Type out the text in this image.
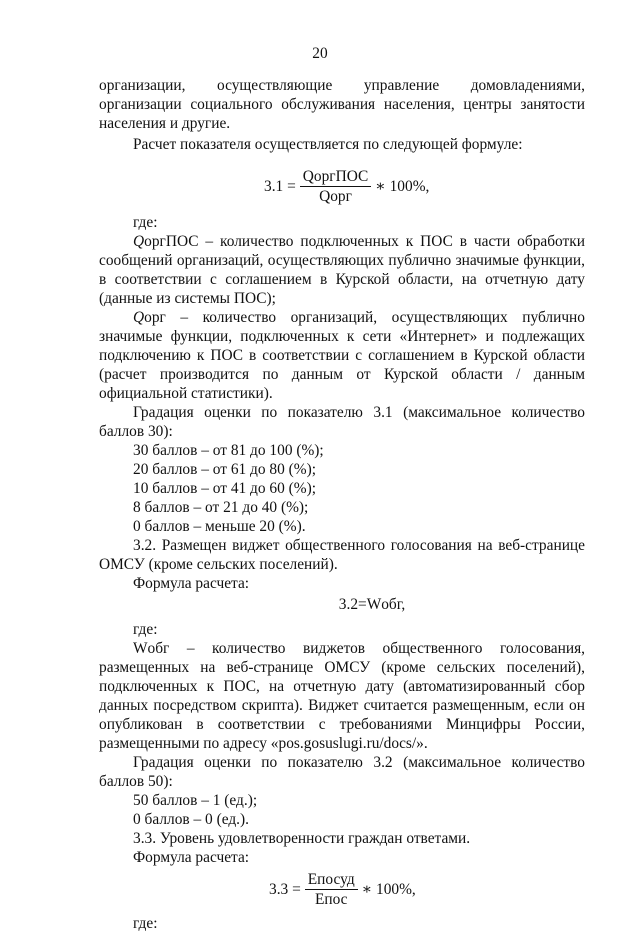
20

организации, осуществляющие управление домовладениями, организации социального обслуживания населения, центры занятости населения и другие.

Расчет показателя осуществляется по следующей формуле:

$3.1 = \frac{\text{QоргПОС}}{\text{Qорг}}$ ∗ 100%,

где:

QоргПОС – количество подключенных к ПОС в части обработки сообщений организаций, осуществляющих публично значимые функции, в соответствии с соглашением в Курской области, на отчетную дату (данные из системы ПОС);

Qорг – количество организаций, осуществляющих публично значимые функции, подключенных к сети «Интернет» и подлежащих подключению к ПОС в соответствии с соглашением в Курской области (расчет производится по данным от Курской области / данным официальной статистики).

Градация оценки по показателю 3.1 (максимальное количество баллов 30):

30 баллов – от 81 до 100 (%);

20 баллов – от 61 до 80 (%);

10 баллов – от 41 до 60 (%);

8 баллов – от 21 до 40 (%);

0 баллов – меньше 20 (%).

3.2. Размещен виджет общественного голосования на веб-странице ОМСУ (кроме сельских поселений).

Формула расчета:

3.2=Wобг,

где:

Wобг – количество виджетов общественного голосования, размещенных на веб-странице ОМСУ (кроме сельских поселений), подключенных к ПОС, на отчетную дату (автоматизированный сбор данных посредством скрипта). Виджет считается размещенным, если он опубликован в соответствии с требованиями Минцифры России, размещенными по адресу «pos.gosuslugi.ru/docs/».

Градация оценки по показателю 3.2 (максимальное количество баллов 50):

50 баллов – 1 (ед.);

0 баллов – 0 (ед.).

3.3. Уровень удовлетворенности граждан ответами.

Формула расчета:

$3.3 = \frac{\text{Епосуд}}{\text{Епос}}$ ∗ 100%,

где:
